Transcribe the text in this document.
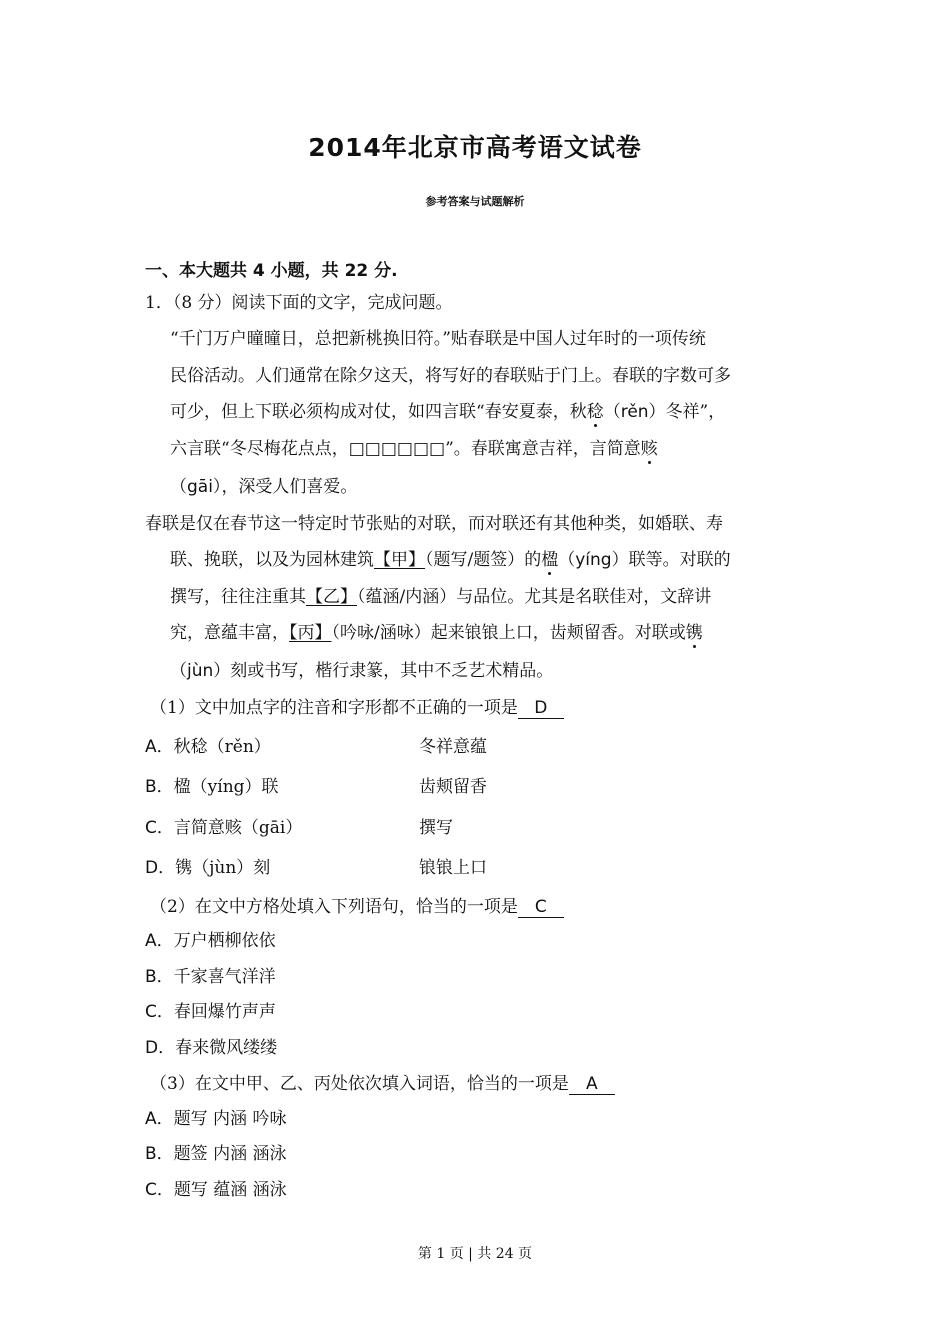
2014年北京市高考语文试卷
参考答案与试题解析
一、本大题共 4 小题，共 22 分.
1．（8 分）阅读下面的文字，完成问题。
“千门万户曈曈日，总把新桃换旧符。”贴春联是中国人过年时的一项传统
民俗活动。人们通常在除夕这天，将写好的春联贴于门上。春联的字数可多
可少，但上下联必须构成对仗，如四言联“春安夏泰，秋稔（rěn）冬祥”，
六言联“冬尽梅花点点，□□□□□□”。春联寓意吉祥，言简意赅
（gāi），深受人们喜爱。
春联是仅在春节这一特定时节张贴的对联，而对联还有其他种类，如婚联、寿
联、挽联，以及为园林建筑【甲】（题写/题签）的楹（yíng）联等。对联的
撰写，往往注重其【乙】（蕴涵/内涵）与品位。尤其是名联佳对，文辞讲
究，意蕴丰富，【丙】（吟咏/涵咏）起来锒锒上口，齿颊留香。对联或镌
（jùn）刻或书写，楷行隶篆，其中不乏艺术精品。
（1）文中加点字的注音和字形都不正确的一项是 D
A．秋稔（rěn）	冬祥意蕴
B．楹（yíng）联	齿颊留香
C．言简意赅（gāi）	撰写
D．镌（jùn）刻	锒锒上口
（2）在文中方格处填入下列语句，恰当的一项是 C
A．万户栖柳依依
B．千家喜气洋洋
C．春回爆竹声声
D．春来微风缕缕
（3）在文中甲、乙、丙处依次填入词语，恰当的一项是 A
A．题写 内涵 吟咏
B．题签 内涵 涵泳
C．题写 蕴涵 涵泳
第 1 页 | 共 24 页
